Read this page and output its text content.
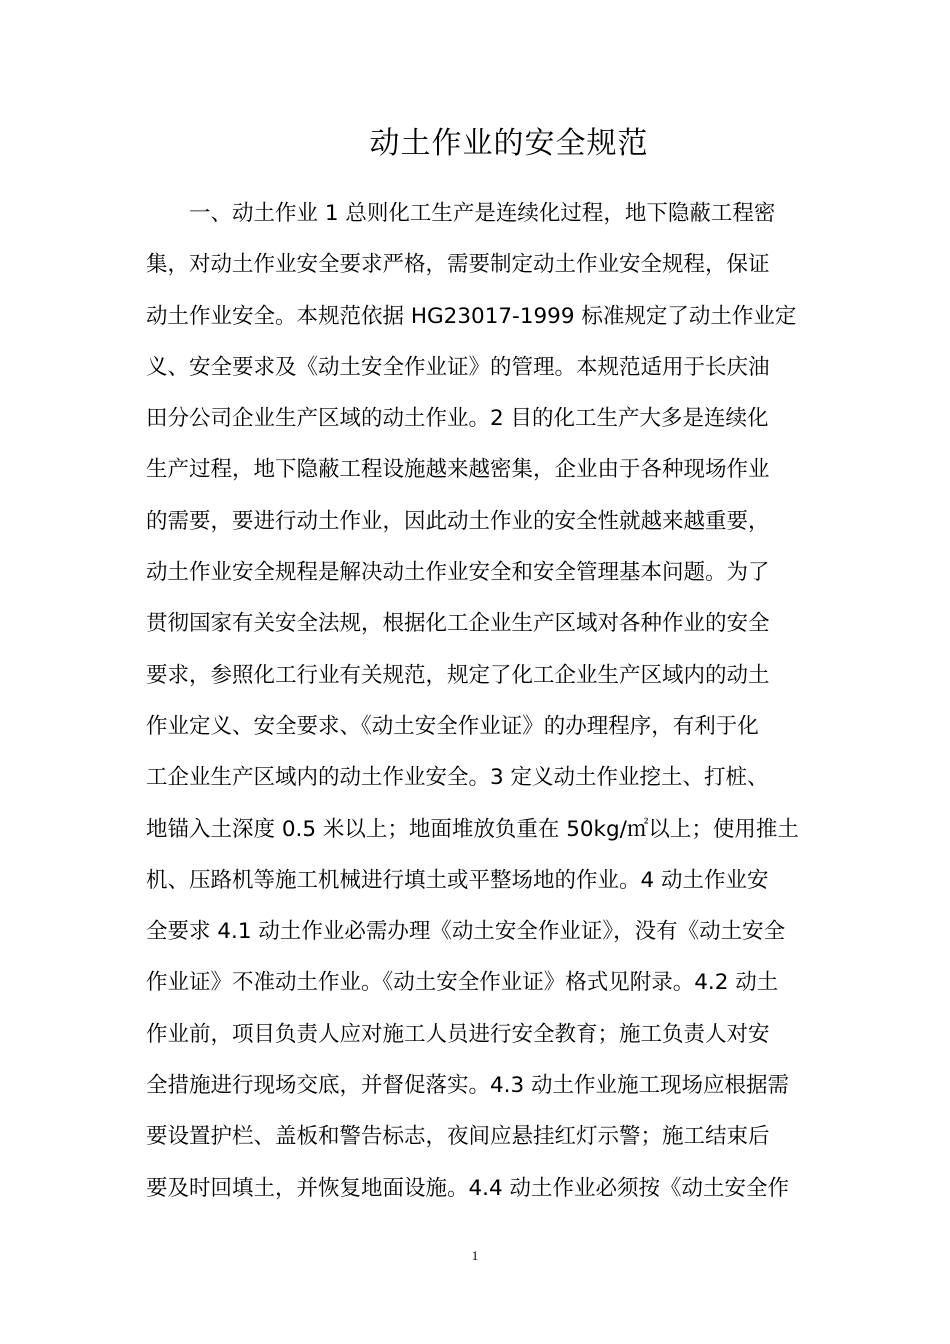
动土作业的安全规范
一、动土作业 1 总则化工生产是连续化过程，地下隐蔽工程密
集，对动土作业安全要求严格，需要制定动土作业安全规程，保证
动土作业安全。本规范依据 HG23017-1999 标准规定了动土作业定
义、安全要求及《动土安全作业证》的管理。本规范适用于长庆油
田分公司企业生产区域的动土作业。2 目的化工生产大多是连续化
生产过程，地下隐蔽工程设施越来越密集，企业由于各种现场作业
的需要，要进行动土作业，因此动土作业的安全性就越来越重要，
动土作业安全规程是解决动土作业安全和安全管理基本问题。为了
贯彻国家有关安全法规，根据化工企业生产区域对各种作业的安全
要求，参照化工行业有关规范，规定了化工企业生产区域内的动土
作业定义、安全要求、《动土安全作业证》的办理程序，有利于化
工企业生产区域内的动土作业安全。3 定义动土作业挖土、打桩、
地锚入土深度 0.5 米以上；地面堆放负重在 50kg/㎡以上；使用推土
机、压路机等施工机械进行填土或平整场地的作业。4 动土作业安
全要求 4.1 动土作业必需办理《动土安全作业证》，没有《动土安全
作业证》不准动土作业。《动土安全作业证》格式见附录。4.2 动土
作业前，项目负责人应对施工人员进行安全教育；施工负责人对安
全措施进行现场交底，并督促落实。4.3 动土作业施工现场应根据需
要设置护栏、盖板和警告标志，夜间应悬挂红灯示警；施工结束后
要及时回填土，并恢复地面设施。4.4 动土作业必须按《动土安全作
1
